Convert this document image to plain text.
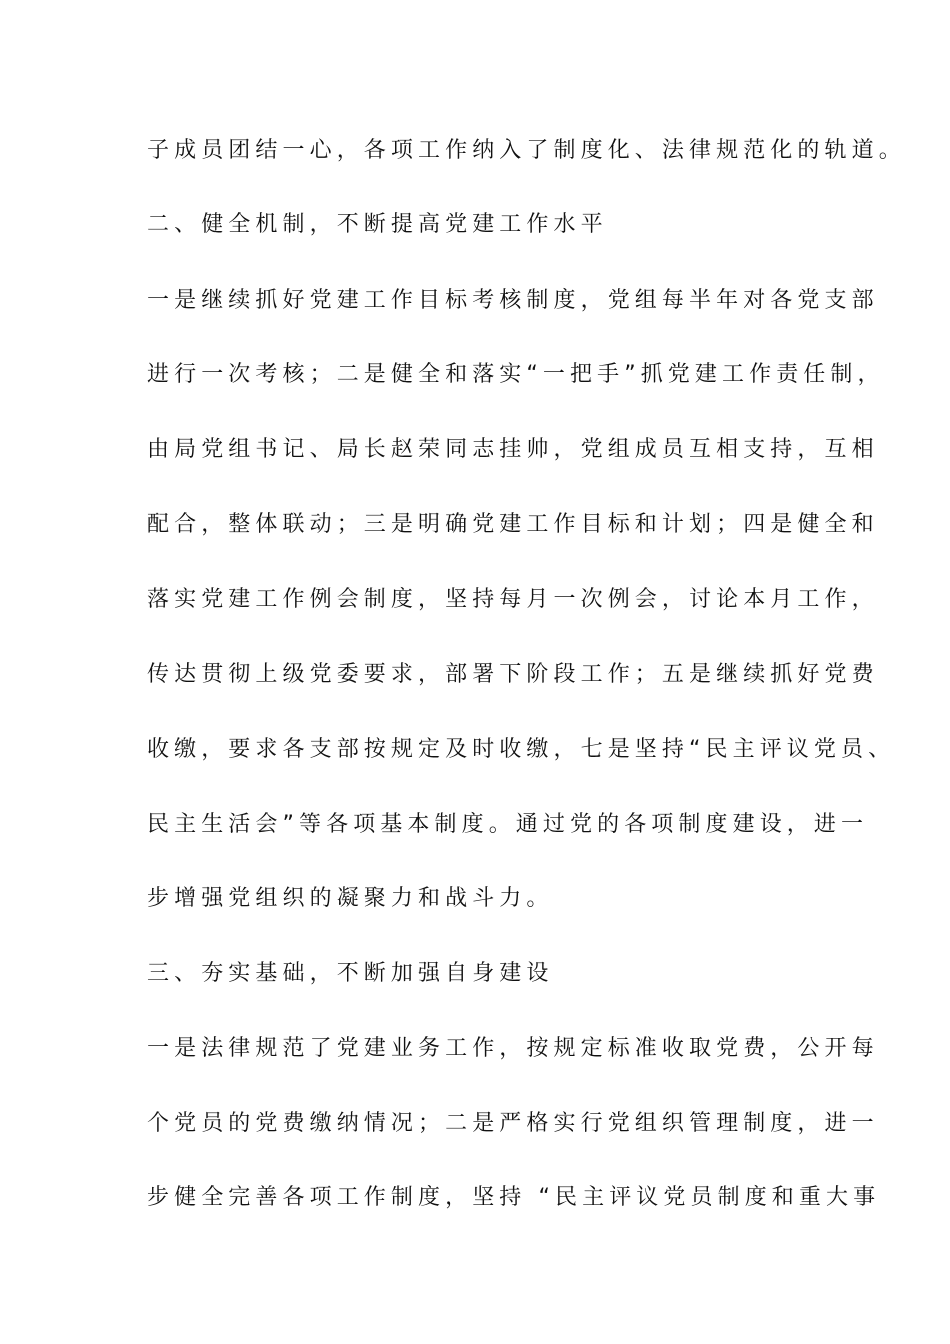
子成员团结一心，各项工作纳入了制度化、法律规范化的轨道。
二、健全机制，不断提高党建工作水平
一是继续抓好党建工作目标考核制度，党组每半年对各党支部
进行一次考核；二是健全和落实“一把手”抓党建工作责任制，
由局党组书记、局长赵荣同志挂帅，党组成员互相支持，互相
配合，整体联动；三是明确党建工作目标和计划；四是健全和
落实党建工作例会制度，坚持每月一次例会，讨论本月工作，
传达贯彻上级党委要求，部署下阶段工作；五是继续抓好党费
收缴，要求各支部按规定及时收缴，七是坚持“民主评议党员、
民主生活会”等各项基本制度。通过党的各项制度建设，进一
步增强党组织的凝聚力和战斗力。
三、夯实基础，不断加强自身建设
一是法律规范了党建业务工作，按规定标准收取党费，公开每
个党员的党费缴纳情况；二是严格实行党组织管理制度，进一
步健全完善各项工作制度，坚持 “民主评议党员制度和重大事
